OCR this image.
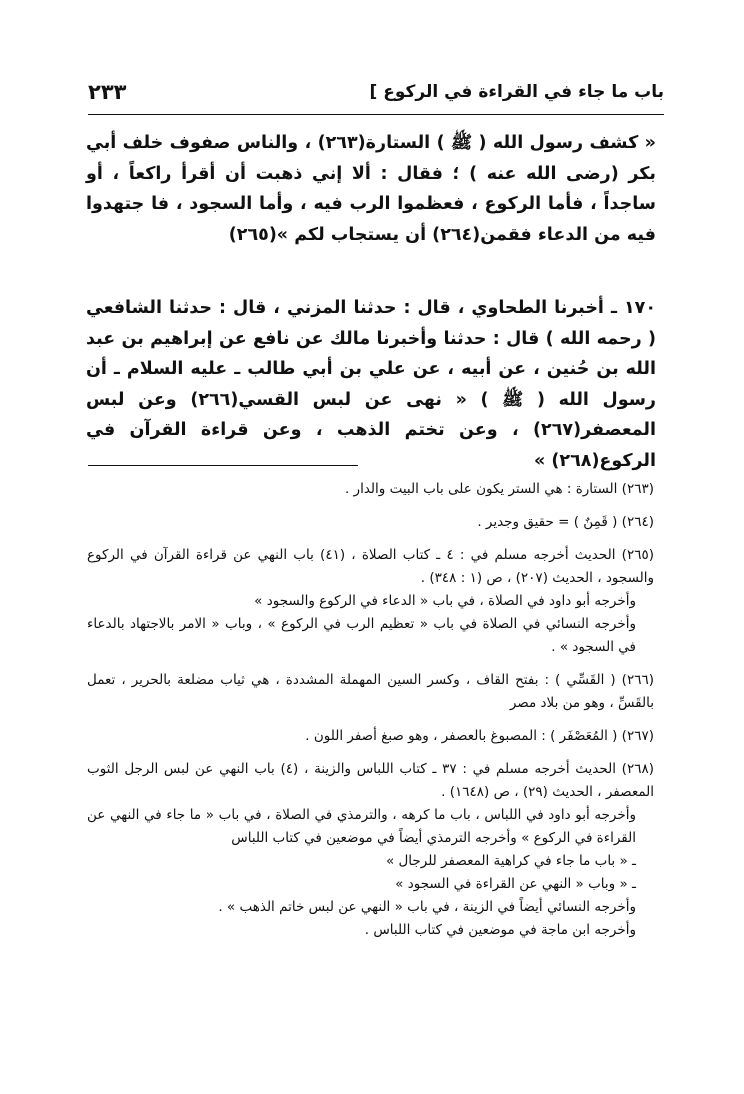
باب ما جاء في القراءة في الركوع ]
٢٣٣

« كشف رسول الله ( ﷺ ) الستارة(٢٦٣) ، والناس صفوف خلف أبي بكر (رضى الله عنه ) ؛ فقال : ألا إني ذهبت أن أقرأ راكعاً ، أو ساجداً ، فأما الركوع ، فعظموا الرب فيه ، وأما السجود ، فا جتهدوا فيه من الدعاء فقمن(٢٦٤) أن يستجاب لكم »(٢٦٥)

١٧٠ ـ أخبرنا الطحاوي ، قال : حدثنا المزني ، قال : حدثنا الشافعي ( رحمه الله ) قال : حدثنا وأخبرنا مالك عن نافع عن إبراهيم بن عبد الله بن حُنين ، عن أبيه ، عن علي بن أبي طالب ـ عليه السلام ـ أن رسول الله ( ﷺ ) « نهى عن لبس القسي(٢٦٦) وعن لبس المعصفر(٢٦٧) ، وعن تختم الذهب ، وعن قراءة القرآن في الركوع(٢٦٨) »

(٢٦٣) الستارة : هي الستر يكون على باب البيت والدار .
(٢٦٤) ( قَمِنٌ ) = حقيق وجدير .
(٢٦٥) الحديث أخرجه مسلم في : ٤ ـ كتاب الصلاة ، (٤١) باب النهي عن قراءة القرآن في الركوع والسجود ، الحديث (٢٠٧) ، ص (١ : ٣٤٨) .
وأخرجه أبو داود في الصلاة ، في باب « الدعاء في الركوع والسجود »
وأخرجه النسائي في الصلاة في باب « تعظيم الرب في الركوع » ، وباب « الامر بالاجتهاد بالدعاء في السجود » .
(٢٦٦) ( القَسِّي ) : بفتح القاف ، وكسر السين المهملة المشددة ، هي ثياب مضلعة بالحرير ، تعمل بالقَسِّ ، وهو من بلاد مصر
(٢٦٧) ( المُعَصْفَر ) : المصبوغ بالعصفر ، وهو صبغ أصفر اللون .
(٢٦٨) الحديث أخرجه مسلم في : ٣٧ ـ كتاب اللباس والزينة ، (٤) باب النهي عن لبس الرجل الثوب المعصفر ، الحديث (٢٩) ، ص (١٦٤٨) .
وأخرجه أبو داود في اللباس ، باب ما كرهه ، والترمذي في الصلاة ، في باب « ما جاء في النهي عن القراءة في الركوع » وأخرجه الترمذي أيضاً في موضعين في كتاب اللباس
ـ « باب ما جاء في كراهية المعصفر للرجال »
ـ « وباب « النهي عن القراءة في السجود »
وأخرجه النسائي أيضاً في الزينة ، في باب « النهي عن لبس خاتم الذهب » .
وأخرجه ابن ماجة في موضعين في كتاب اللباس .
